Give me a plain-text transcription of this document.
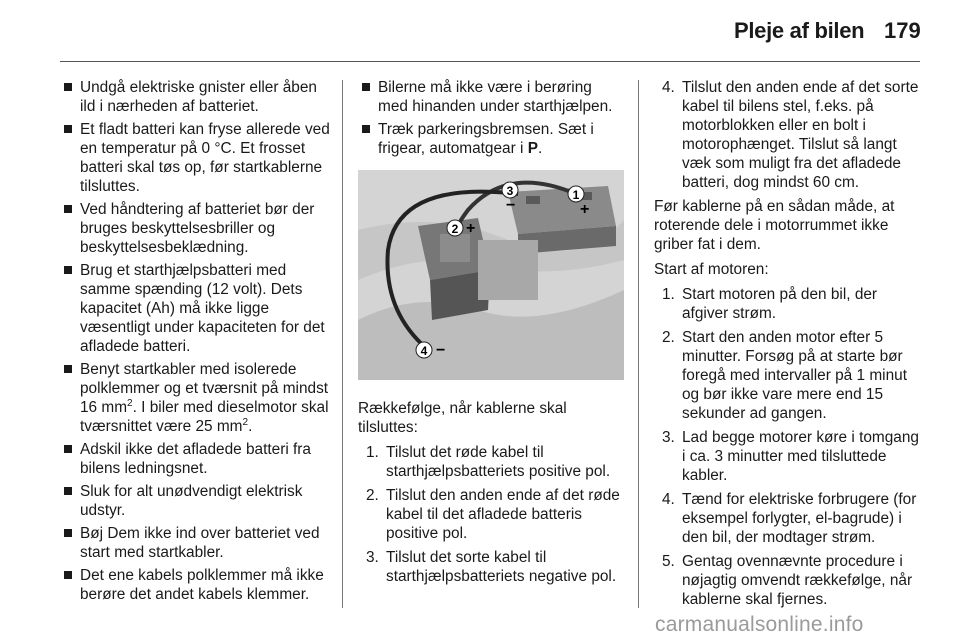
Pleje af bilen 179
Undgå elektriske gnister eller åben ild i nærheden af batteriet.
Et fladt batteri kan fryse allerede ved en temperatur på 0 °C. Et frosset batteri skal tøs op, før startkablerne tilsluttes.
Ved håndtering af batteriet bør der bruges beskyttelsesbriller og beskyttelsesbeklædning.
Brug et starthjælpsbatteri med samme spænding (12 volt). Dets kapacitet (Ah) må ikke ligge væsentligt under kapaciteten for det afladede batteri.
Benyt startkabler med isolerede polklemmer og et tværsnit på mindst 16 $mm^2$. I biler med dieselmotor skal tværsnittet være 25 $mm^2$.
Adskil ikke det afladede batteri fra bilens ledningsnet.
Sluk for alt unødvendigt elektrisk udstyr.
Bøj Dem ikke ind over batteriet ved start med startkabler.
Det ene kabels polklemmer må ikke berøre det andet kabels klemmer.
Bilerne må ikke være i berøring med hinanden under starthjælpen.
Træk parkeringsbremsen. Sæt i frigear, automatgear i P.
1
+
3
−
2 +
4 −
Rækkefølge, når kablerne skal tilsluttes:
1. Tilslut det røde kabel til starthjælpsbatteriets positive pol.
2. Tilslut den anden ende af det røde kabel til det afladede batteris positive pol.
3. Tilslut det sorte kabel til starthjælpsbatteriets negative pol.
4. Tilslut den anden ende af det sorte kabel til bilens stel, f.eks. på motorblokken eller en bolt i motorophænget. Tilslut så langt væk som muligt fra det afladede batteri, dog mindst 60 cm.
Før kablerne på en sådan måde, at roterende dele i motorrummet ikke griber fat i dem.
Start af motoren:
1. Start motoren på den bil, der afgiver strøm.
2. Start den anden motor efter 5 minutter. Forsøg på at starte bør foregå med intervaller på 1 minut og bør ikke vare mere end 15 sekunder ad gangen.
3. Lad begge motorer køre i tomgang i ca. 3 minutter med tilsluttede kabler.
4. Tænd for elektriske forbrugere (for eksempel forlygter, el-bagrude) i den bil, der modtager strøm.
5. Gentag ovennævnte procedure i nøjagtig omvendt rækkefølge, når kablerne skal fjernes.
carmanualsonline.info
